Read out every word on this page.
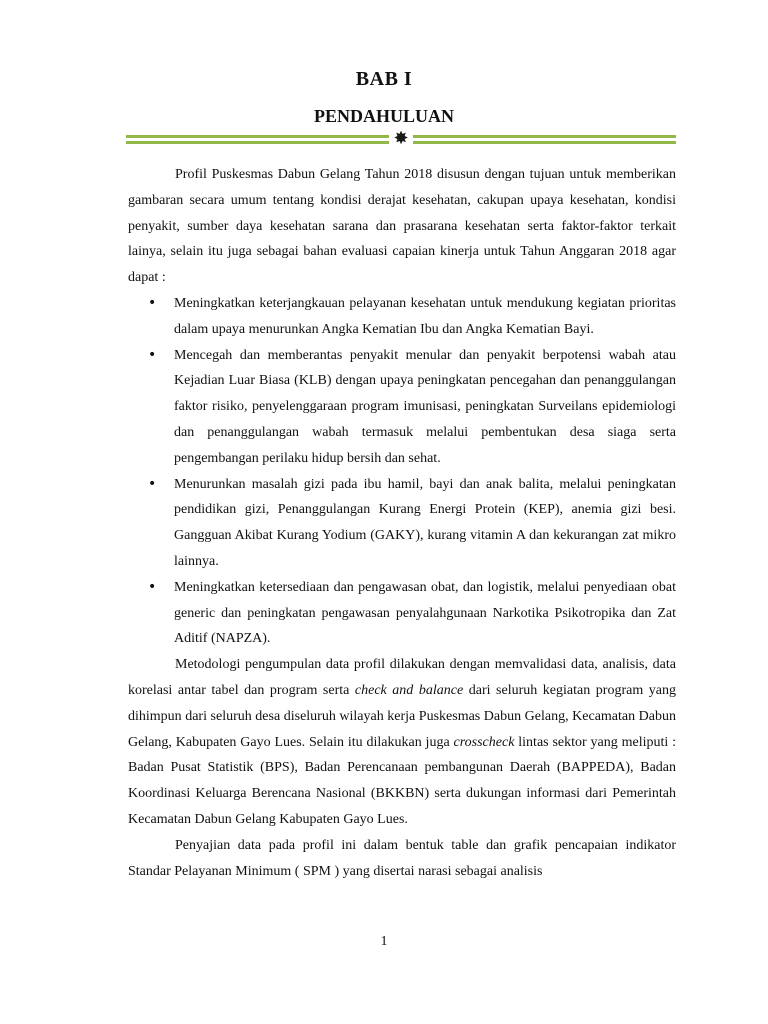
BAB I
PENDAHULUAN
✸

Profil Puskesmas Dabun Gelang Tahun 2018 disusun dengan tujuan untuk memberikan gambaran secara umum tentang kondisi derajat kesehatan, cakupan upaya kesehatan, kondisi penyakit, sumber daya kesehatan sarana dan prasarana kesehatan serta faktor-faktor terkait lainya, selain itu juga sebagai bahan evaluasi capaian kinerja untuk Tahun Anggaran 2018 agar dapat :

• Meningkatkan keterjangkauan pelayanan kesehatan untuk mendukung kegiatan prioritas dalam upaya menurunkan Angka Kematian Ibu dan Angka Kematian Bayi.
• Mencegah dan memberantas penyakit menular dan penyakit berpotensi wabah atau Kejadian Luar Biasa (KLB) dengan upaya peningkatan pencegahan dan penanggulangan faktor risiko, penyelenggaraan program imunisasi, peningkatan Surveilans epidemiologi dan penanggulangan wabah termasuk melalui pembentukan desa siaga serta pengembangan perilaku hidup bersih dan sehat.
• Menurunkan masalah gizi pada ibu hamil, bayi dan anak balita, melalui peningkatan pendidikan gizi, Penanggulangan Kurang Energi Protein (KEP), anemia gizi besi. Gangguan Akibat Kurang Yodium (GAKY), kurang vitamin A dan kekurangan zat mikro lainnya.
• Meningkatkan ketersediaan dan pengawasan obat, dan logistik, melalui penyediaan obat generic dan peningkatan pengawasan penyalahgunaan Narkotika Psikotropika dan Zat Aditif (NAPZA).

Metodologi pengumpulan data profil dilakukan dengan memvalidasi data, analisis, data korelasi antar tabel dan program serta check and balance dari seluruh kegiatan program yang dihimpun dari seluruh desa diseluruh wilayah kerja Puskesmas Dabun Gelang, Kecamatan Dabun Gelang, Kabupaten Gayo Lues. Selain itu dilakukan juga crosscheck lintas sektor yang meliputi : Badan Pusat Statistik (BPS), Badan Perencanaan pembangunan Daerah (BAPPEDA), Badan Koordinasi Keluarga Berencana Nasional (BKKBN) serta dukungan informasi dari Pemerintah Kecamatan Dabun Gelang Kabupaten Gayo Lues.

Penyajian data pada profil ini dalam bentuk table dan grafik pencapaian indikator Standar Pelayanan Minimum ( SPM ) yang disertai narasi sebagai analisis

1
